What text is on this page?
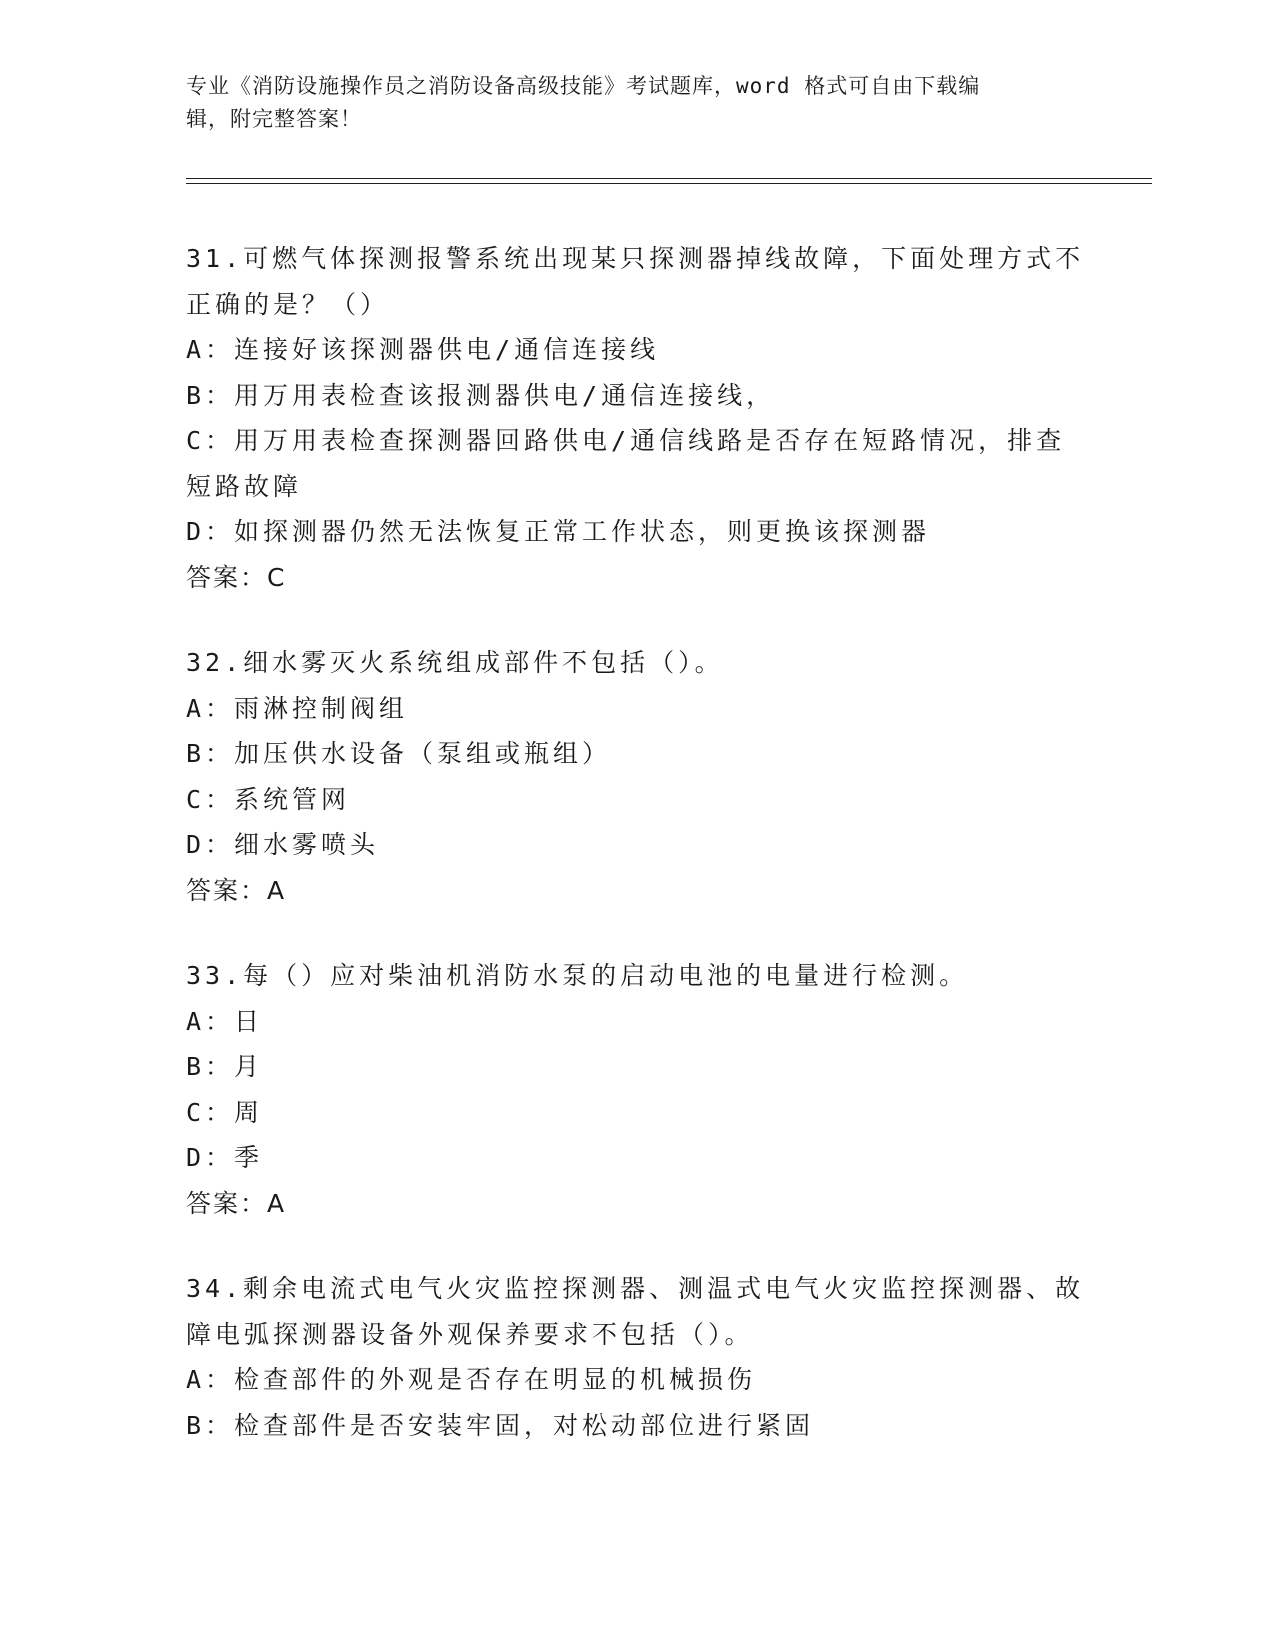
专业《消防设施操作员之消防设备高级技能》考试题库，word 格式可自由下载编
辑，附完整答案！
31.可燃气体探测报警系统出现某只探测器掉线故障，下面处理方式不
正确的是？（）
A：连接好该探测器供电/通信连接线
B：用万用表检查该报测器供电/通信连接线，
C：用万用表检查探测器回路供电/通信线路是否存在短路情况，排查
短路故障
D：如探测器仍然无法恢复正常工作状态，则更换该探测器
答案：C
32.细水雾灭火系统组成部件不包括（）。
A：雨淋控制阀组
B：加压供水设备（泵组或瓶组）
C：系统管网
D：细水雾喷头
答案：A
33.每（）应对柴油机消防水泵的启动电池的电量进行检测。
A：日
B：月
C：周
D：季
答案：A
34.剩余电流式电气火灾监控探测器、测温式电气火灾监控探测器、故
障电弧探测器设备外观保养要求不包括（）。
A：检查部件的外观是否存在明显的机械损伤
B：检查部件是否安装牢固，对松动部位进行紧固
